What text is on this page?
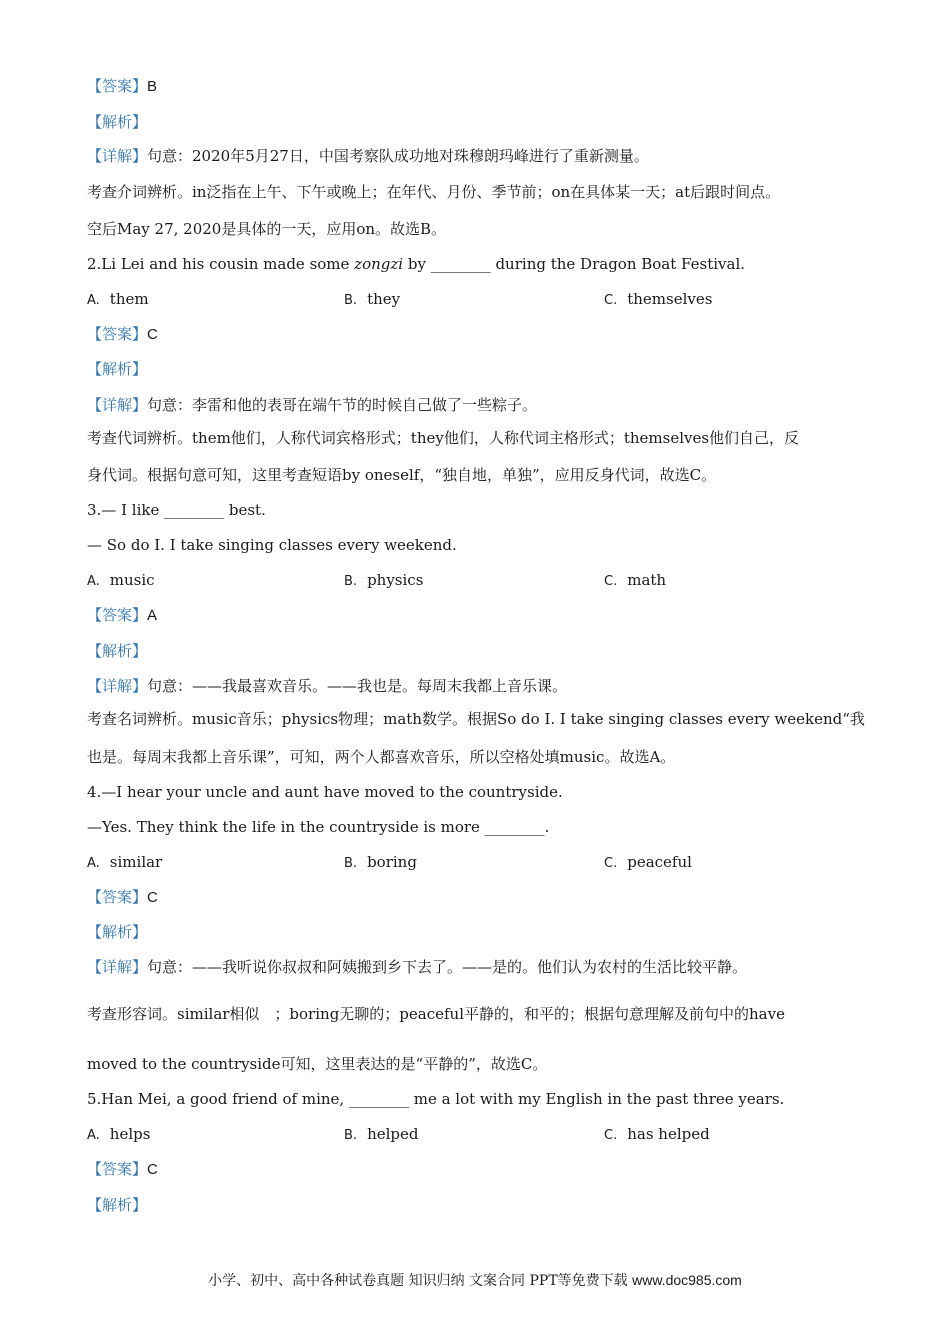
【答案】B
【解析】
【详解】句意：2020年5月27日，中国考察队成功地对珠穆朗玛峰进行了重新测量。
考查介词辨析。in泛指在上午、下午或晚上；在年代、月份、季节前；on在具体某一天；at后跟时间点。
空后May 27, 2020是具体的一天，应用on。故选B。
2.Li Lei and his cousin made some zongzi by ________ during the Dragon Boat Festival.
A. them	B. they	C. themselves
【答案】C
【解析】
【详解】句意：李雷和他的表哥在端午节的时候自己做了一些粽子。
考查代词辨析。them他们，人称代词宾格形式；they他们，人称代词主格形式；themselves他们自己，反
身代词。根据句意可知，这里考查短语by oneself，“独自地，单独”，应用反身代词，故选C。
3.— I like ________ best.
— So do I. I take singing classes every weekend.
A. music	B. physics	C. math
【答案】A
【解析】
【详解】句意：——我最喜欢音乐。——我也是。每周末我都上音乐课。
考查名词辨析。music音乐；physics物理；math数学。根据So do I. I take singing classes every weekend“我
也是。每周末我都上音乐课”，可知，两个人都喜欢音乐，所以空格处填music。故选A。
4.—I hear your uncle and aunt have moved to the countryside.
—Yes. They think the life in the countryside is more ________.
A. similar	B. boring	C. peaceful
【答案】C
【解析】
【详解】句意：——我听说你叔叔和阿姨搬到乡下去了。——是的。他们认为农村的生活比较平静。
考查形容词。similar相似　；boring无聊的；peaceful平静的，和平的；根据句意理解及前句中的have
moved to the countryside可知，这里表达的是“平静的”，故选C。
5.Han Mei, a good friend of mine, ________ me a lot with my English in the past three years.
A. helps	B. helped	C. has helped
【答案】C
【解析】
小学、初中、高中各种试卷真题 知识归纳 文案合同 PPT等免费下载 www.doc985.com
